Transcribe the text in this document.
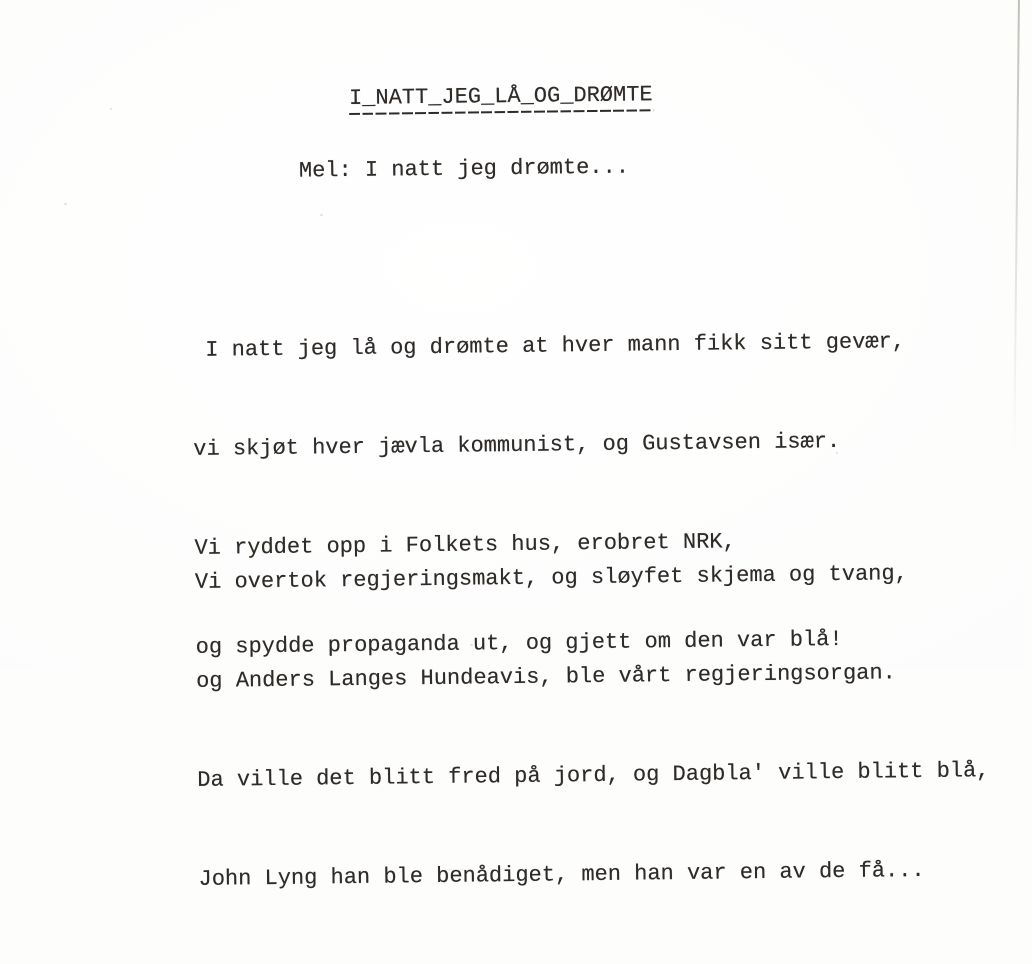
I_NATT_JEG_LÅ_OG_DRØMTE
Mel: I natt jeg drømte...

I natt jeg lå og drømte at hver mann fikk sitt gevær,

vi skjøt hver jævla kommunist, og Gustavsen især.

Vi ryddet opp i Folkets hus, erobret NRK,

og spydde propaganda ut, og gjett om den var blå!

Vi overtok regjeringsmakt, og sløyfet skjema og tvang,

og Anders Langes Hundeavis, ble vårt regjeringsorgan.

Da ville det blitt fred på jord, og Dagbla' ville blitt blå,

John Lyng han ble benådiget, men han var en av de få...
